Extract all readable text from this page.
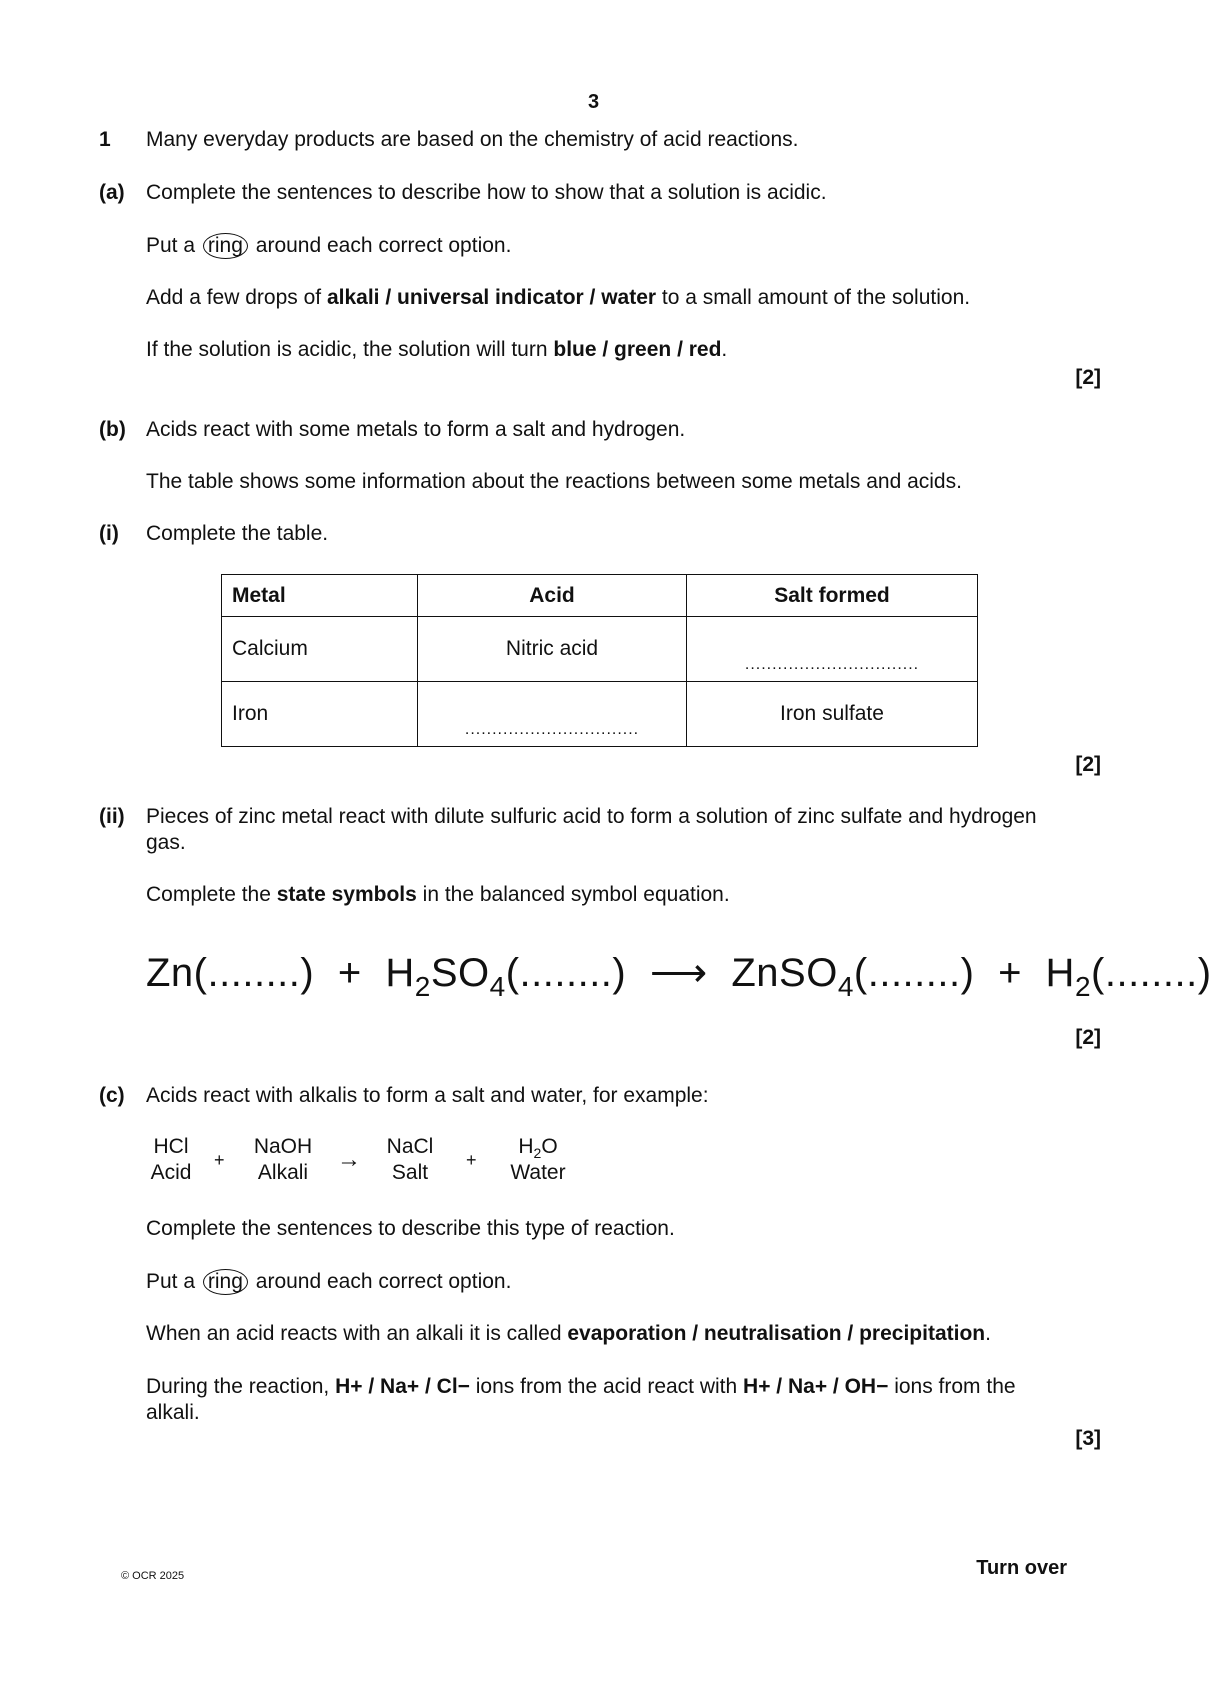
3
1 Many everyday products are based on the chemistry of acid reactions.
(a) Complete the sentences to describe how to show that a solution is acidic.
Put a ring around each correct option.
Add a few drops of alkali / universal indicator / water to a small amount of the solution.
If the solution is acidic, the solution will turn blue / green / red.
[2]
(b) Acids react with some metals to form a salt and hydrogen.
The table shows some information about the reactions between some metals and acids.
(i) Complete the table.
Metal	Acid	Salt formed
Calcium	Nitric acid	$_{................................}$
Iron	$_{................................}$	Iron sulfate
[2]
(ii) Pieces of zinc metal react with dilute sulfuric acid to form a solution of zinc sulfate and hydrogen
gas.
Complete the state symbols in the balanced symbol equation.
$Zn(........) + H_2SO_4(........)$ ⟶ ZnSO$_4$(........) + $H_2(........)$
[2]
(c) Acids react with alkalis to form a salt and water, for example:
HCl
Acid
+
NaOH
Alkali	→	NaCl
Salt
+
$H_2O$
Water
Complete the sentences to describe this type of reaction.
Put a ring around each correct option.
When an acid reacts with an alkali it is called evaporation / neutralisation / precipitation.
During the reaction, H+ / Na+ / Cl− ions from the acid react with H+ / Na+ / OH− ions from the
alkali.
[3]
© OCR 2025	Turn over
